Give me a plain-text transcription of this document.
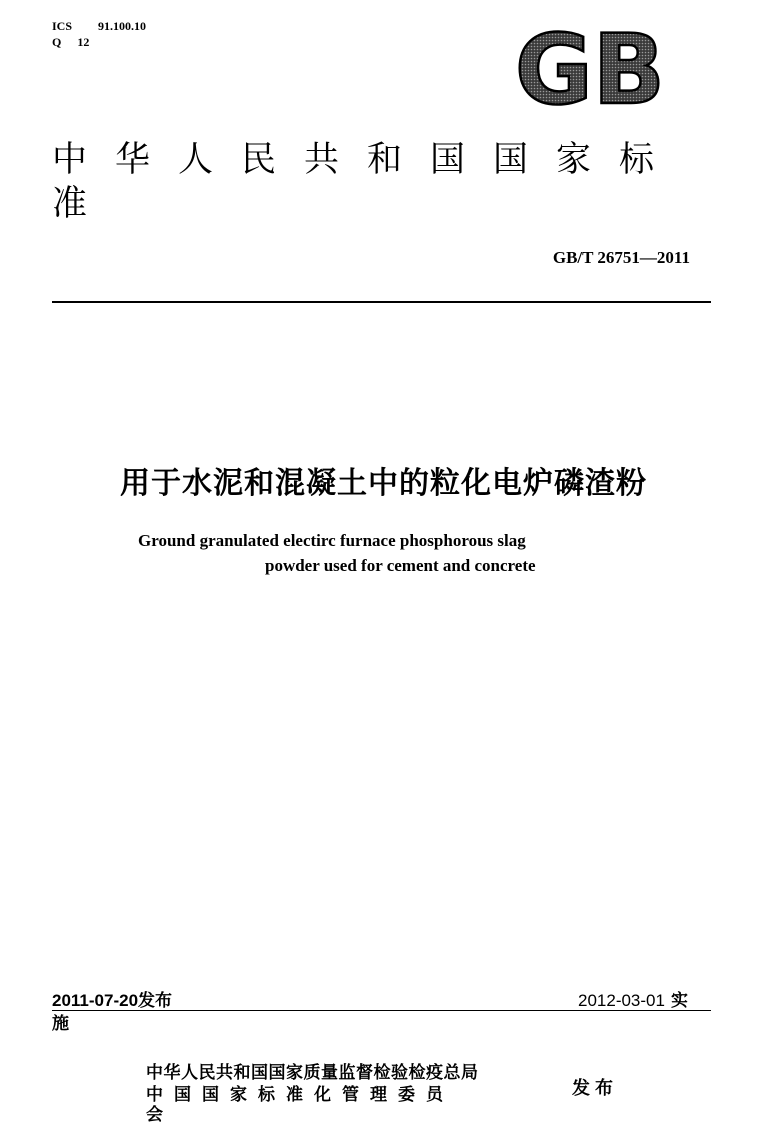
ICS 91.100.10
Q 12	GB
中华人民共和国国家标准
GB/T 26751—2011
用于水泥和混凝土中的粒化电炉磷渣粉
Ground granulated electirc furnace phosphorous slag
powder used for cement and concrete
2011-07-20发布	2012-03-01 实
施
中华人民共和国国家质量监督检验检疫总局
中国国家标准化管理委员
会
发布
